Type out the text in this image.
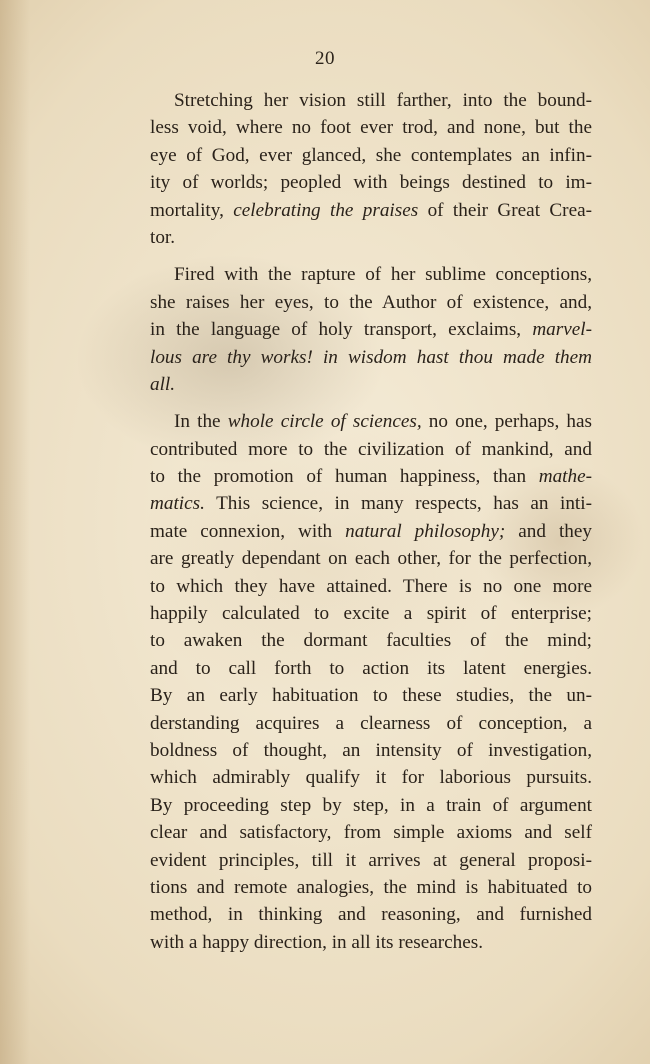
20
Stretching her vision still farther, into the bound-
less void, where no foot ever trod, and none, but the
eye of God, ever glanced, she contemplates an infin-
ity of worlds; peopled with beings destined to im-
mortality, celebrating the praises of their Great Crea-
tor.
Fired with the rapture of her sublime conceptions,
she raises her eyes, to the Author of existence, and,
in the language of holy transport, exclaims, marvel-
lous are thy works! in wisdom hast thou made them
all.
In the whole circle of sciences, no one, perhaps, has
contributed more to the civilization of mankind, and
to the promotion of human happiness, than mathe-
matics. This science, in many respects, has an inti-
mate connexion, with natural philosophy; and they
are greatly dependant on each other, for the perfection,
to which they have attained. There is no one more
happily calculated to excite a spirit of enterprise;
to awaken the dormant faculties of the mind;
and to call forth to action its latent energies.
By an early habituation to these studies, the un-
derstanding acquires a clearness of conception, a
boldness of thought, an intensity of investigation,
which admirably qualify it for laborious pursuits.
By proceeding step by step, in a train of argument
clear and satisfactory, from simple axioms and self
evident principles, till it arrives at general proposi-
tions and remote analogies, the mind is habituated to
method, in thinking and reasoning, and furnished
with a happy direction, in all its researches.
